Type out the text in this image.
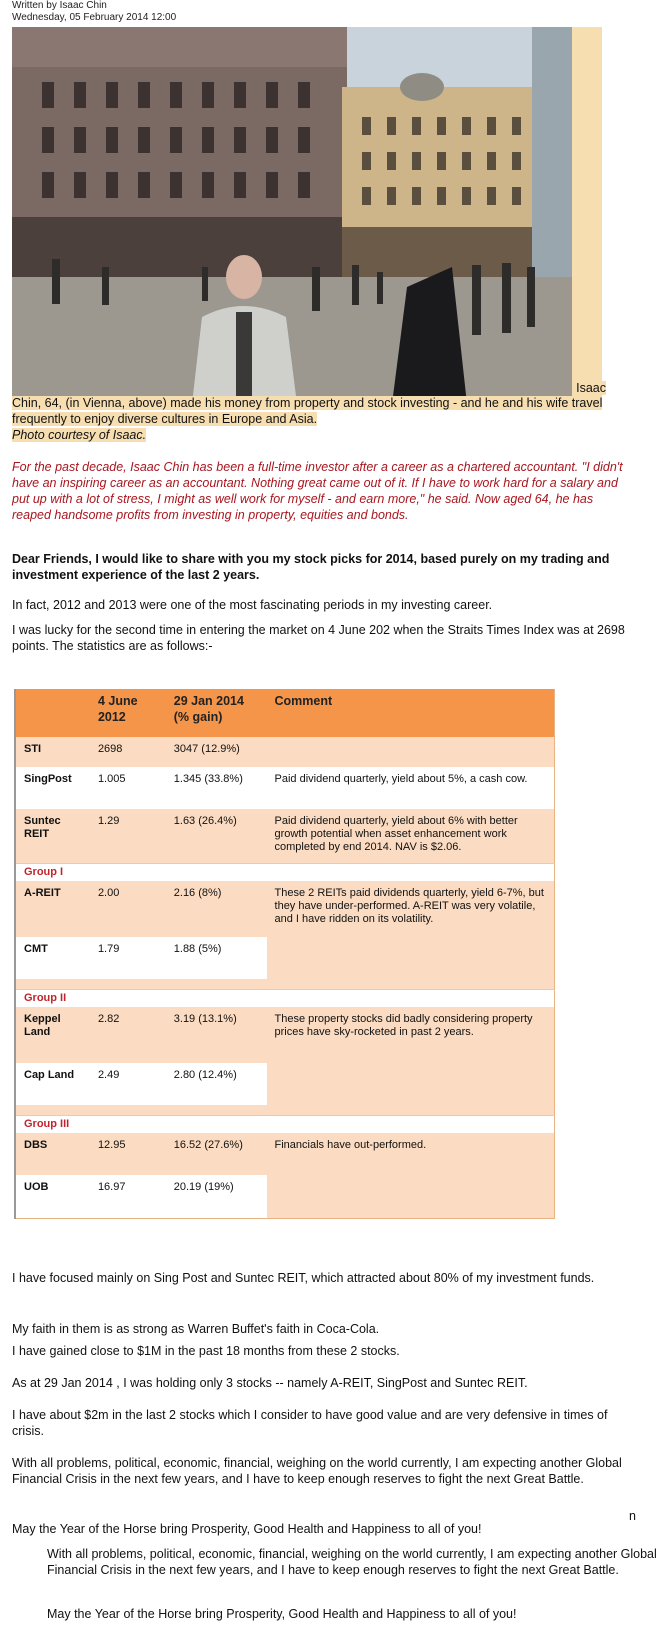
Written by Isaac Chin
Wednesday, 05 February 2014 12:00
Isaac
Chin, 64, (in Vienna, above) made his money from property and stock investing - and he and his wife travel frequently to enjoy diverse cultures in Europe and Asia.
Photo courtesy of Isaac.
For the past decade, Isaac Chin has been a full-time investor after a career as a chartered accountant. "I didn't have an inspiring career as an accountant. Nothing great came out of it. If I have to work hard for a salary and put up with a lot of stress, I might as well work for myself - and earn more," he said. Now aged 64, he has reaped handsome profits from investing in property, equities and bonds.
Dear Friends, I would like to share with you my stock picks for 2014, based purely on my trading and investment experience of the last 2 years.
In fact, 2012 and 2013 were one of the most fascinating periods in my investing career.
I was lucky for the second time in entering the market on 4 June 202 when the Straits Times Index was at 2698 points. The statistics are as follows:-
	4 June 2012	29 Jan 2014 (% gain)	Comment
STI	2698	3047 (12.9%)	
SingPost	1.005	1.345 (33.8%)	Paid dividend quarterly, yield about 5%, a cash cow.
Suntec REIT	1.29	1.63 (26.4%)	Paid dividend quarterly, yield about 6% with better growth potential when asset enhancement work completed by end 2014. NAV is $2.06.
Group I			
A-REIT	2.00	2.16 (8%)	These 2 REITs paid dividends quarterly, yield 6-7%, but they have under-performed. A-REIT was very volatile, and I have ridden on its volatility.
CMT	1.79	1.88 (5%)	

Group II			
Keppel Land	2.82	3.19 (13.1%)	These property stocks did badly considering property prices have sky-rocketed in past 2 years.
Cap Land	2.49	2.80 (12.4%)	

Group III			
DBS	12.95	16.52 (27.6%)	Financials have out-performed.
UOB	16.97	20.19 (19%)	
I have focused mainly on Sing Post and Suntec REIT, which attracted about 80% of my investment funds.
My faith in them is as strong as Warren Buffet's faith in Coca-Cola.
I have gained close to $1M in the past 18 months from these 2 stocks.
As at 29 Jan 2014 , I was holding only 3 stocks -- namely A-REIT, SingPost and Suntec REIT.
I have about $2m in the last 2 stocks which I consider to have good value and are very defensive in times of crisis.
With all problems, political, economic, financial, weighing on the world currently, I am expecting another Global Financial Crisis in the next few years, and I have to keep enough reserves to fight the next Great Battle.
n
May the Year of the Horse bring Prosperity, Good Health and Happiness to all of you!
With all problems, political, economic, financial, weighing on the world currently, I am expecting another Global Financial Crisis in the next few years, and I have to keep enough reserves to fight the next Great Battle.
May the Year of the Horse bring Prosperity, Good Health and Happiness to all of you!
